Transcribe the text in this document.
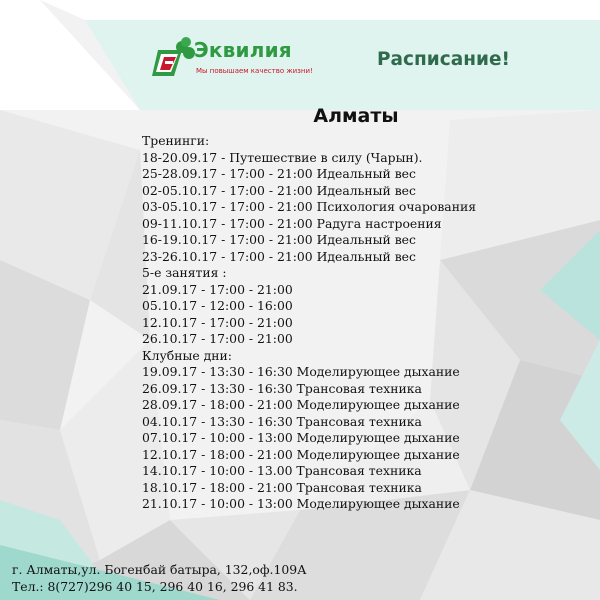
Эквилия
Мы повышаем качество жизни!
Расписание!
Алматы
Тренинги:
18-20.09.17 - Путешествие в силу (Чарын).
25-28.09.17 - 17:00 - 21:00 Идеальный вес
02-05.10.17 - 17:00 - 21:00 Идеальный вес
03-05.10.17 - 17:00 - 21:00 Психология очарования
09-11.10.17 - 17:00 - 21:00 Радуга настроения
16-19.10.17 - 17:00 - 21:00 Идеальный вес
23-26.10.17 - 17:00 - 21:00 Идеальный вес
5-е занятия :
21.09.17 - 17:00 - 21:00
05.10.17 - 12:00 - 16:00
12.10.17 - 17:00 - 21:00
26.10.17 - 17:00 - 21:00
Клубные дни:
19.09.17 - 13:30 - 16:30 Моделирующее дыхание
26.09.17 - 13:30 - 16:30 Трансовая техника
28.09.17 - 18:00 - 21:00 Моделирующее дыхание
04.10.17 - 13:30 - 16:30 Трансовая техника
07.10.17 - 10:00 - 13:00 Моделирующее дыхание
12.10.17 - 18:00 - 21:00 Моделирующее дыхание
14.10.17 - 10:00 - 13.00 Трансовая техника
18.10.17 - 18:00 - 21:00 Трансовая техника
21.10.17 - 10:00 - 13:00 Моделирующее дыхание
г. Алматы,ул. Богенбай батыра, 132,оф.109А
Тел.: 8(727)296 40 15, 296 40 16, 296 41 83.
